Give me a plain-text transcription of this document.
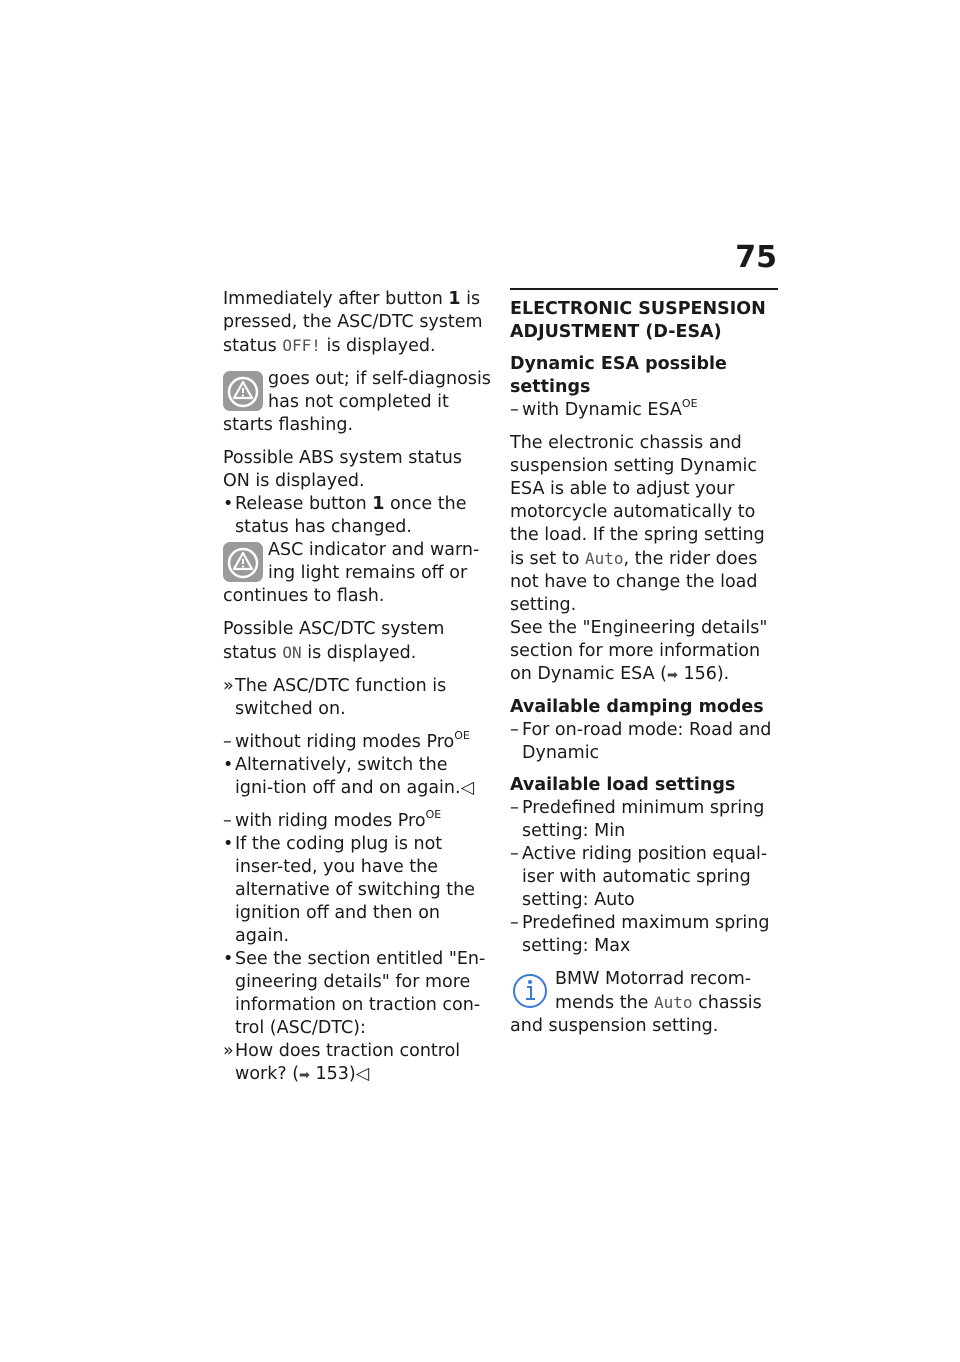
75

Immediately after button 1 is pressed, the ASC/DTC system status OFF! is displayed.

goes out; if self-diagnosis

has not completed it

starts flashing.

Possible ABS system status ON is displayed.

• Release button 1 once the status has changed.

ASC indicator and warn-

ing light remains off or

continues to flash.

Possible ASC/DTC system
status ON is displayed.

» The ASC/DTC function is switched on.
– without riding modes Pro$^{OE}$
• Alternatively, switch the igni-tion off and on again.◁
– with riding modes Pro$^{OE}$
• If the coding plug is not inser-ted, you have the alternative of switching the ignition off and then on again.
• See the section entitled "En-gineering details" for more information on traction con-trol (ASC/DTC):
» How does traction control work? (➡ 153)◁
ELECTRONIC SUSPENSION ADJUSTMENT (D-ESA)
Dynamic ESA possible settings
– with Dynamic $ESA^{OE}$

The electronic chassis and suspension setting Dynamic ESA is able to adjust your motorcycle automatically to the load. If the spring setting is set to Auto, the rider does not have to change the load setting.

See the "Engineering details" section for more information on Dynamic ESA (➡ 156).

Available damping modes
– For on-road mode: Road and Dynamic
Available load settings
– Predefined minimum spring setting: Min
– Active riding position equal-iser with automatic spring setting: Auto
– Predefined maximum spring setting: Max

BMW Motorrad recom-

mends the Auto chassis

and suspension setting.
